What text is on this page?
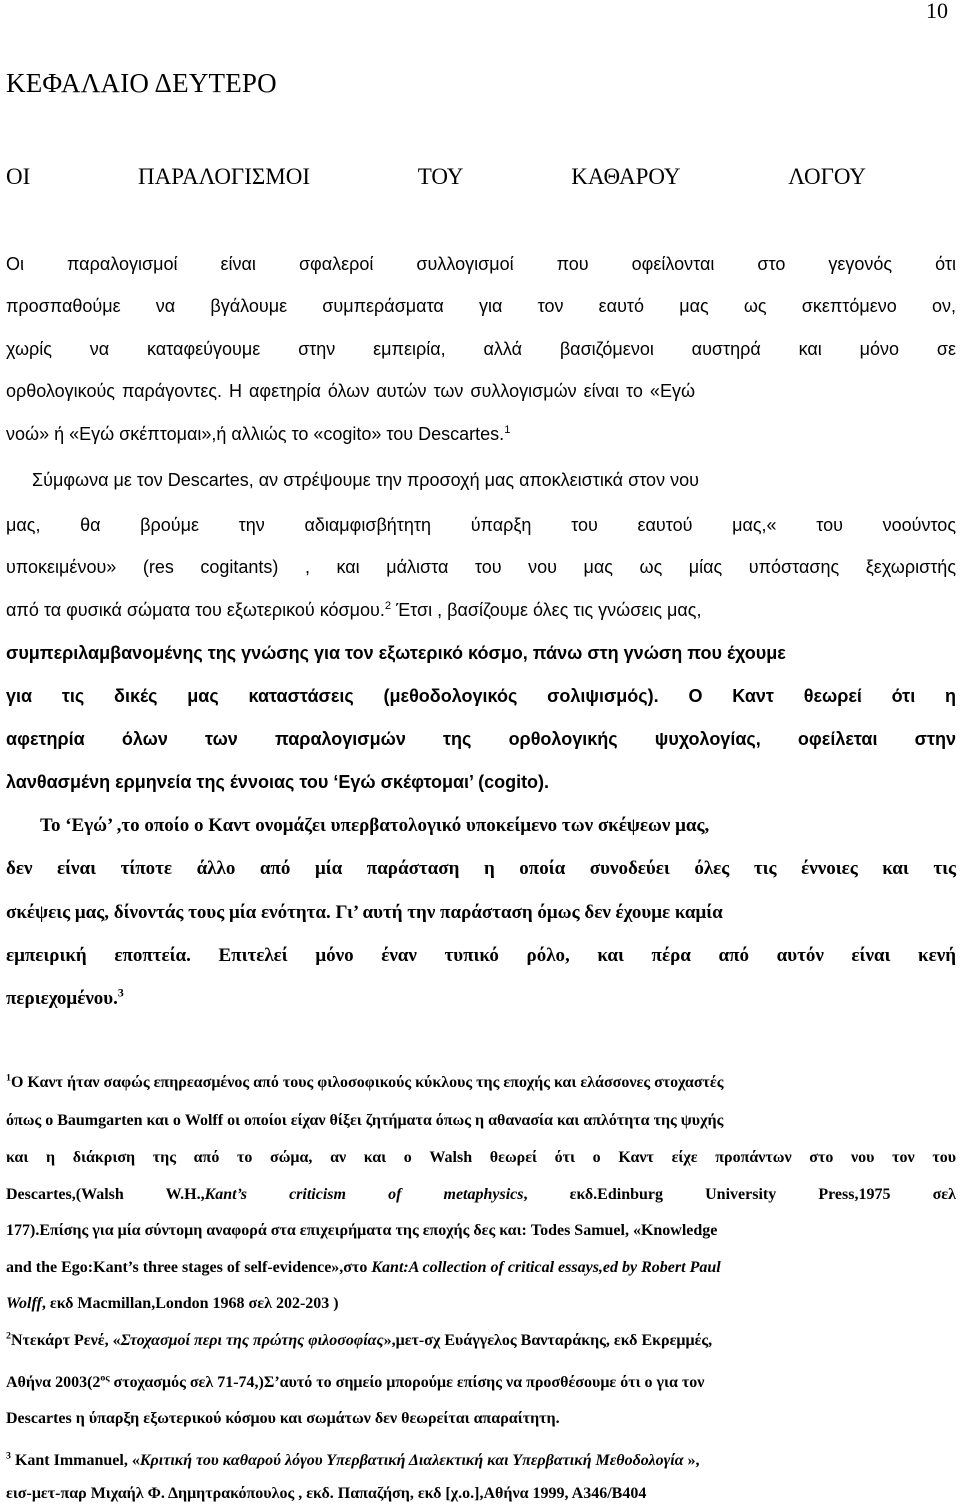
10
ΚΕΦΑΛΑΙΟ ΔΕΥΤΕΡΟ
ΟΙ	ΠΑΡΑΛΟΓΙΣΜΟΙ	ΤΟΥ	ΚΑΘΑΡΟΥ	ΛΟΓΟΥ
Οι παραλογισμοί είναι σφαλεροί συλλογισμοί που οφείλονται στο γεγονός ότι
προσπαθούμε να βγάλουμε συμπεράσματα για τον εαυτό μας ως σκεπτόμενο ον,
χωρίς να καταφεύγουμε στην εμπειρία, αλλά βασιζόμενοι αυστηρά και μόνο σε
ορθολογικούς παράγοντες. Η αφετηρία όλων αυτών των συλλογισμών είναι το «Εγώ
νοώ» ή «Εγώ σκέπτομαι»,ή αλλιώς το «cogito» του Descartes.$^1$
Σύμφωνα με τον Descartes, αν στρέψουμε την προσοχή μας αποκλειστικά στον νου
μας, θα βρούμε την αδιαμφισβήτητη ύπαρξη του εαυτού μας,« του νοούντος
υποκειμένου» (res cogitants) , και μάλιστα του νου μας ως μίας υπόστασης ξεχωριστής
από τα φυσικά σώματα του εξωτερικού κόσμου.$^2$ Έτσι , βασίζουμε όλες τις γνώσεις μας,
συμπεριλαμβανομένης της γνώσης για τον εξωτερικό κόσμο, πάνω στη γνώση που έχουμε
για τις δικές μας καταστάσεις (μεθοδολογικός σολιψισμός). Ο Καντ θεωρεί ότι η
αφετηρία όλων των παραλογισμών της ορθολογικής ψυχολογίας, οφείλεται στην
λανθασμένη ερμηνεία της έννοιας του ‘Εγώ σκέφτομαι’ (cogito).
Το ‘Εγώ’ ,το οποίο ο Καντ ονομάζει υπερβατολογικό υποκείμενο των σκέψεων μας,
δεν είναι τίποτε άλλο από μία παράσταση η οποία συνοδεύει όλες τις έννοιες και τις
σκέψεις μας, δίνοντάς τους μία ενότητα. Γι’ αυτή την παράσταση όμως δεν έχουμε καμία
εμπειρική εποπτεία. Επιτελεί μόνο έναν τυπικό ρόλο, και πέρα από αυτόν είναι κενή
περιεχομένου.$^3$
$^1$Ο Καντ ήταν σαφώς επηρεασμένος από τους φιλοσοφικούς κύκλους της εποχής και ελάσσονες στοχαστές
όπως ο Baumgarten και ο Wolff οι οποίοι είχαν θίξει ζητήματα όπως η αθανασία και απλότητα της ψυχής
και η διάκριση της από το σώμα, αν και ο Walsh θεωρεί ότι ο Καντ είχε προπάντων στο νου τον του
Descartes,(Walsh W.H.,Kant’s criticism of metaphysics, εκδ.Edinburg University Press,1975 σελ
177).Επίσης για μία σύντομη αναφορά στα επιχειρήματα της εποχής δες και: Todes Samuel, «Knowledge
and the Ego:Kant’s three stages of self-evidence»,στο Kant:A collection of critical essays,ed by Robert Paul
Wolff, εκδ Macmillan,London 1968 σελ 202-203 )
$^2$Ντεκάρτ Ρενέ, «Στοχασμοί περι της πρώτης φιλοσοφίας»,μετ-σχ Ευάγγελος Βανταράκης, εκδ Εκρεμμές,
Αθήνα $2003(2^{o\varsigma}$ στοχασμός σελ 71-74,)Σ’αυτό το σημείο μπορούμε επίσης να προσθέσουμε ότι ο για τον
Descartes η ύπαρξη εξωτερικού κόσμου και σωμάτων δεν θεωρείται απαραίτητη.
$^3$ Kant Immanuel, «Κριτική του καθαρού λόγου Υπερβατική Διαλεκτική και Υπερβατική Μεθοδολογία »,
εισ-μετ-παρ Μιχαήλ Φ. Δημητρακόπουλος , εκδ. Παπαζήση, εκδ [χ.ο.],Αθήνα 1999, Α346/Β404
